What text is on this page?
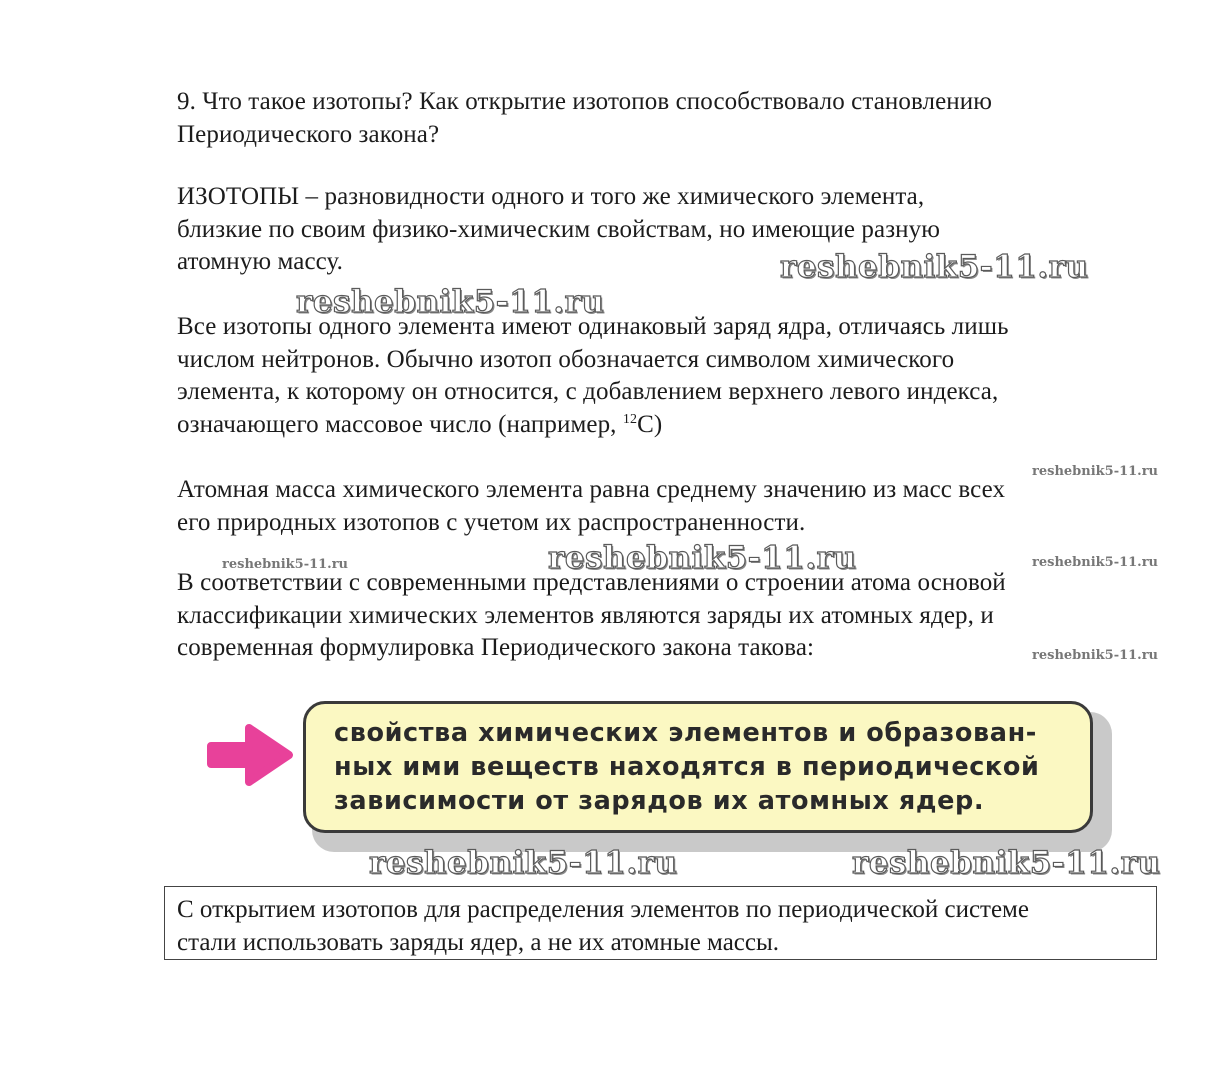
9. Что такое изотопы? Как открытие изотопов способствовало становлению
Периодического закона?

ИЗОТОПЫ – разновидности одного и того же химического элемента,
близкие по своим физико-химическим свойствам, но имеющие разную
атомную массу.

Все изотопы одного элемента имеют одинаковый заряд ядра, отличаясь лишь
числом нейтронов. Обычно изотоп обозначается символом химического
элемента, к которому он относится, с добавлением верхнего левого индекса,
означающего массовое число (например, $^{12}$C)

Атомная масса химического элемента равна среднему значению из масс всех
его природных изотопов с учетом их распространенности.

В соответствии с современными представлениями о строении атома основой
классификации химических элементов являются заряды их атомных ядер, и
современная формулировка Периодического закона такова:

свойства химических элементов и образован-
ных ими веществ находятся в периодической
зависимости от зарядов их атомных ядер.

С открытием изотопов для распределения элементов по периодической системе
стали использовать заряды ядер, а не их атомные массы.

reshebnik5-11.ru
reshebnik5-11.ru
reshebnik5-11.ru
reshebnik5-11.ru	reshebnik5-11.ru
reshebnik5-11.ru
reshebnik5-11.ru	reshebnik5-11.ru
reshebnik5-11.ru
